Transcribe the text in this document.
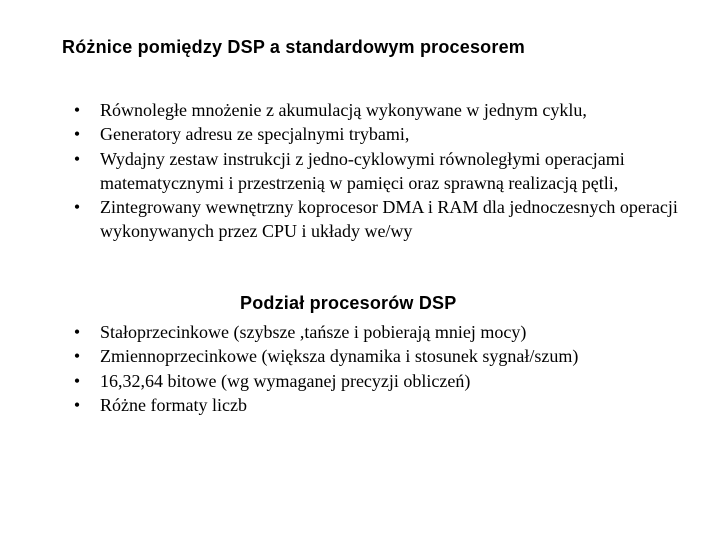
Różnice pomiędzy DSP a standardowym procesorem
• Równoległe mnożenie z akumulacją wykonywane w jednym cyklu,
• Generatory adresu ze specjalnymi trybami,
• Wydajny zestaw instrukcji z jedno-cyklowymi równoległymi operacjami matematycznymi i przestrzenią w pamięci oraz sprawną realizacją pętli,
• Zintegrowany wewnętrzny koprocesor DMA i RAM dla jednoczesnych operacji wykonywanych przez CPU i układy we/wy
Podział procesorów DSP
• Stałoprzecinkowe (szybsze ,tańsze i pobierają mniej mocy)
• Zmiennoprzecinkowe (większa dynamika i stosunek sygnał/szum)
• 16,32,64 bitowe (wg wymaganej precyzji obliczeń)
• Różne formaty liczb
